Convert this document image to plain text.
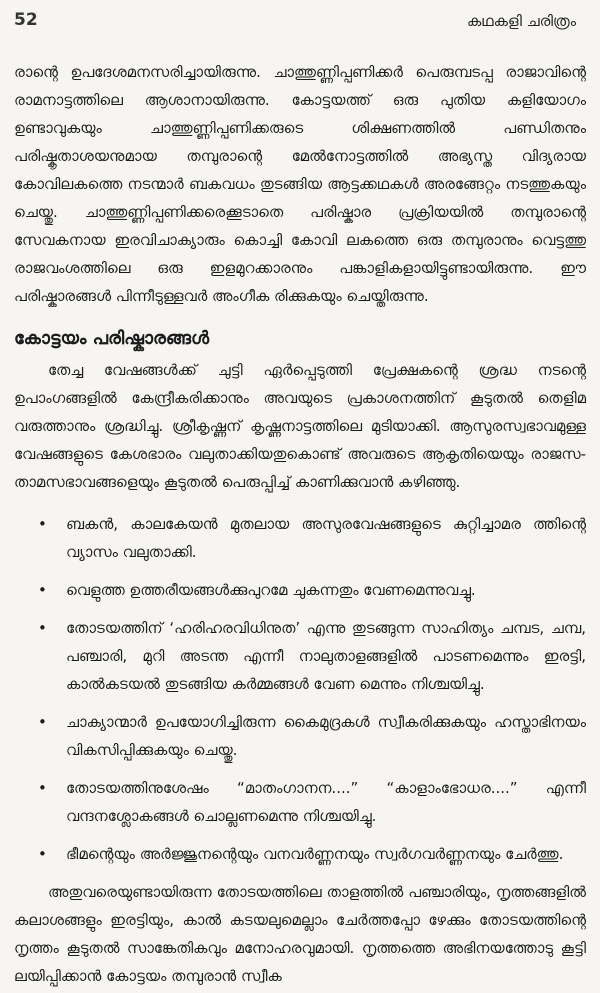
52	കഥകളി ചരിത്രം

രാന്റെ ഉപദേശമനസരിച്ചായിരുന്നു. ചാത്തുണ്ണിപ്പണിക്കർ പെരുമ്പടപ്പ രാജാവിന്റെ രാമനാട്ടത്തിലെ ആശാനായിരുന്നു. കോട്ടയത്ത് ഒരു പുതിയ കളിയോഗം ഉണ്ടാവുകയും ചാത്തുണ്ണിപ്പണിക്കരുടെ ശിക്ഷണത്തിൽ പണ്ഡിതനും പരിഷ്കൃതാശയനുമായ തമ്പുരാന്റെ മേൽനോട്ടത്തിൽ അഭ്യസ്ത വിദ്യരായ കോവിലകത്തെ നടന്മാർ ബകവധം തുടങ്ങിയ ആട്ടക്കഥകൾ അരങ്ങേറ്റം നടത്തുകയും ചെയ്തു. ചാത്തുണ്ണിപ്പണിക്കരെക്കൂടാതെ പരിഷ്കാര പ്രക്രിയയിൽ തമ്പുരാന്റെ സേവകനായ ഇരവിചാക്യാരും കൊച്ചി കോവി ലകത്തെ ഒരു തമ്പുരാനും വെട്ടത്തു രാജവംശത്തിലെ ഒരു ഇളമുറക്കാരനും പങ്കാളികളായിട്ടുണ്ടായിരുന്നു. ഈ പരിഷ്കാരങ്ങൾ പിന്നീടുള്ളവർ അംഗീക രിക്കുകയും ചെയ്തിരുന്നു.

കോട്ടയം പരിഷ്കാരങ്ങൾ

തേച്ച വേഷങ്ങൾക്ക് ചുട്ടി ഏർപ്പെടുത്തി പ്രേക്ഷകന്റെ ശ്രദ്ധ നടന്റെ ഉപാംഗങ്ങളിൽ കേന്ദ്രീകരിക്കാനും അവയുടെ പ്രകാശനത്തിന് കൂടുതൽ തെളിമ വരുത്താനും ശ്രദ്ധിച്ചു. ശ്രീകൃഷ്ണന് കൃഷ്ണനാട്ടത്തിലെ മുടിയാക്കി. ആസുരസ്വഭാവമുള്ള വേഷങ്ങളുടെ കേശഭാരം വലുതാക്കിയതുകൊണ്ട് അവരുടെ ആകൃതിയെയും രാജസ-താമസഭാവങ്ങളെയും കൂടുതൽ പെരുപ്പിച്ച് കാണിക്കുവാൻ കഴിഞ്ഞു.

• ബകൻ, കാലകേയൻ മുതലായ അസുരവേഷങ്ങളുടെ കുറ്റിച്ചാമര ത്തിന്റെ വ്യാസം വലുതാക്കി.
• വെളുത്ത ഉത്തരീയങ്ങൾക്കുപുറമേ ചുകന്നതും വേണമെന്നുവച്ചു.
• തോടയത്തിന് ‘ഹരിഹരവിധിനുത’ എന്നു തുടങ്ങുന്ന സാഹിത്യം ചമ്പട, ചമ്പ, പഞ്ചാരി, മുറി അടന്ത എന്നീ നാലുതാളങ്ങളിൽ പാടണമെന്നും ഇരട്ടി, കാൽകടയൽ തുടങ്ങിയ കർമ്മങ്ങൾ വേണ മെന്നും നിശ്ചയിച്ചു.
• ചാക്യാന്മാർ ഉപയോഗിച്ചിരുന്ന കൈമുദ്രകൾ സ്വീകരിക്കുകയും ഹസ്താഭിനയം വികസിപ്പിക്കുകയും ചെയ്തു.
• തോടയത്തിനുശേഷം “മാതംഗാനന....” “കാളാംഭോധര....” എന്നീ വന്ദനശ്ലോകങ്ങൾ ചൊല്ലണമെന്നു നിശ്ചയിച്ചു.
• ഭീമന്റെയും അർജ്ജുനന്റെയും വനവർണ്ണനയും സ്വർഗവർണ്ണനയും ചേർത്തു.

അതുവരെയുണ്ടായിരുന്ന തോടയത്തിലെ താളത്തിൽ പഞ്ചാരിയും, നൃത്തങ്ങളിൽ കലാശങ്ങളും ഇരട്ടിയും, കാൽ കടയലുമെല്ലാം ചേർത്തപ്പോ ഴേക്കും തോടയത്തിന്റെ നൃത്തം കൂടുതൽ സാങ്കേതികവും മനോഹരവുമായി. നൃത്തത്തെ അഭിനയത്തോടു കൂട്ടി ലയിപ്പിക്കാൻ കോട്ടയം തമ്പുരാൻ സ്വീക
